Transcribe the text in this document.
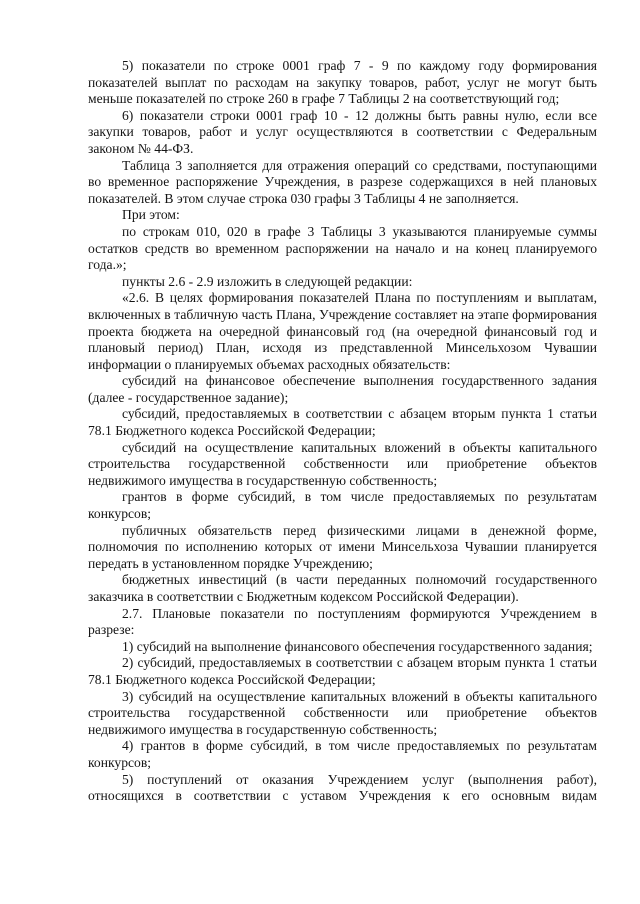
5) показатели по строке 0001 граф 7 - 9 по каждому году формирования показателей выплат по расходам на закупку товаров, работ, услуг не могут быть меньше показателей по строке 260 в графе 7 Таблицы 2 на соответствующий год;

6) показатели строки 0001 граф 10 - 12 должны быть равны нулю, если все закупки товаров, работ и услуг осуществляются в соответствии с Федеральным законом № 44-ФЗ.

Таблица 3 заполняется для отражения операций со средствами, поступающими во временное распоряжение Учреждения, в разрезе содержащихся в ней плановых показателей. В этом случае строка 030 графы 3 Таблицы 4 не заполняется.

При этом:

по строкам 010, 020 в графе 3 Таблицы 3 указываются планируемые суммы остатков средств во временном распоряжении на начало и на конец планируемого года.»;

пункты 2.6 - 2.9 изложить в следующей редакции:

«2.6. В целях формирования показателей Плана по поступлениям и выплатам, включенных в табличную часть Плана, Учреждение составляет на этапе формирования проекта бюджета на очередной финансовый год (на очередной финансовый год и плановый период) План, исходя из представленной Минсельхозом Чувашии информации о планируемых объемах расходных обязательств:

субсидий на финансовое обеспечение выполнения государственного задания (далее - государственное задание);

субсидий, предоставляемых в соответствии с абзацем вторым пункта 1 статьи 78.1 Бюджетного кодекса Российской Федерации;

субсидий на осуществление капитальных вложений в объекты капитального строительства государственной собственности или приобретение объектов недвижимого имущества в государственную собственность;

грантов в форме субсидий, в том числе предоставляемых по результатам конкурсов;

публичных обязательств перед физическими лицами в денежной форме, полномочия по исполнению которых от имени Минсельхоза Чувашии планируется передать в установленном порядке Учреждению;

бюджетных инвестиций (в части переданных полномочий государственного заказчика в соответствии с Бюджетным кодексом Российской Федерации).

2.7. Плановые показатели по поступлениям формируются Учреждением в разрезе:

1) субсидий на выполнение финансового обеспечения государственного задания;

2) субсидий, предоставляемых в соответствии с абзацем вторым пункта 1 статьи 78.1 Бюджетного кодекса Российской Федерации;

3) субсидий на осуществление капитальных вложений в объекты капитального строительства государственной собственности или приобретение объектов недвижимого имущества в государственную собственность;

4) грантов в форме субсидий, в том числе предоставляемых по результатам конкурсов;

5) поступлений от оказания Учреждением услуг (выполнения работ), относящихся в соответствии с уставом Учреждения к его основным видам
